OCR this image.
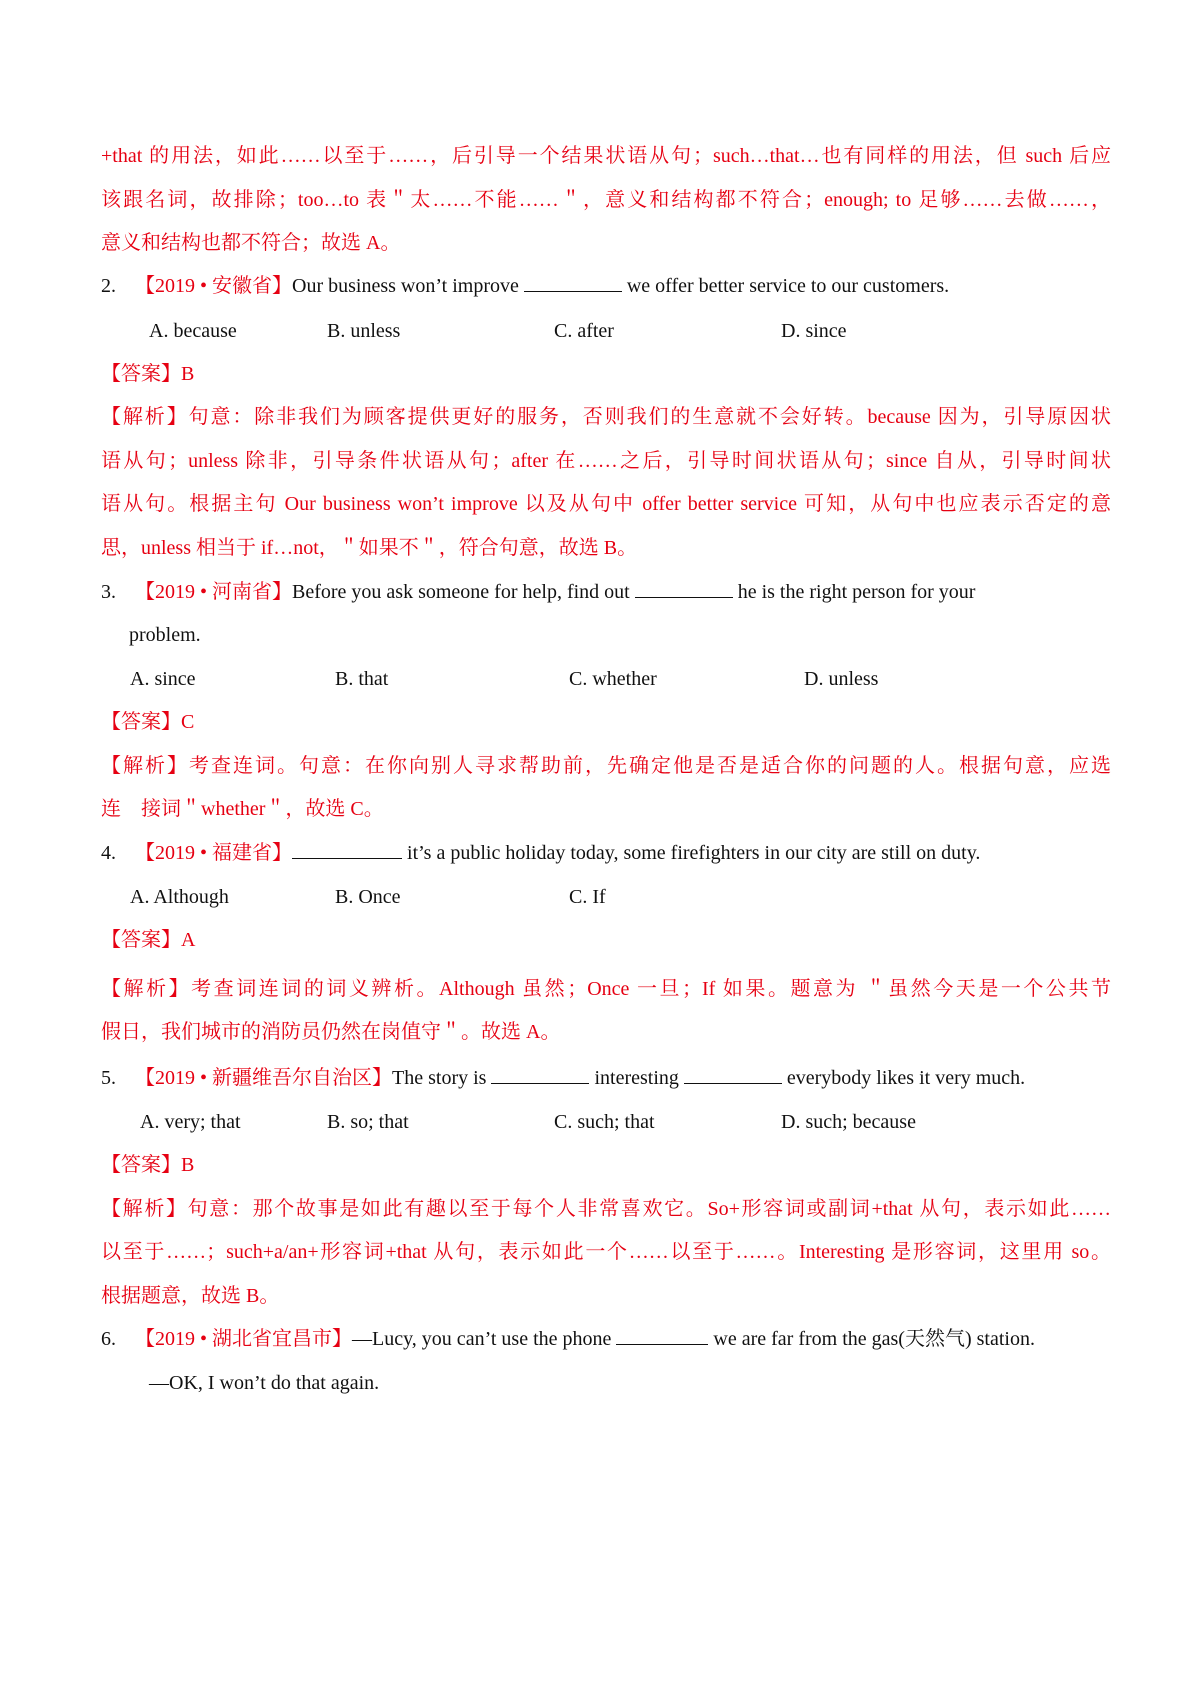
+that 的用法，如此……以至于……，后引导一个结果状语从句；such…that…也有同样的用法，但 such 后应
该跟名词，故排除；too…to 表＂太……不能……＂，意义和结构都不符合；enough; to 足够……去做……，
意义和结构也都不符合；故选 A。
2. 【2019 • 安徽省】Our business won’t improve	we offer better service to our customers.
A. because	B. unless	C. after	D. since
【答案】B
【解析】句意：除非我们为顾客提供更好的服务，否则我们的生意就不会好转。because 因为，引导原因状
语从句；unless 除非，引导条件状语从句；after 在……之后，引导时间状语从句；since 自从，引导时间状
语从句。根据主句 Our business won’t improve 以及从句中 offer better service 可知，从句中也应表示否定的意
思，unless 相当于 if…not，＂如果不＂，符合句意，故选 B。
3. 【2019 • 河南省】Before you ask someone for help, find out	he is the right person for your
problem.
A. since	B. that	C. whether	D. unless
【答案】C
【解析】考查连词。句意：在你向别人寻求帮助前，先确定他是否是适合你的问题的人。根据句意，应选
连　接词＂whether＂，故选 C。
4. 【2019 • 福建省】	it’s a public holiday today, some firefighters in our city are still on duty.
A. Although	B. Once	C. If
【答案】A
【解析】考查词连词的词义辨析。Although 虽然；Once 一旦；If 如果。题意为 ＂虽然今天是一个公共节
假日，我们城市的消防员仍然在岗值守＂。故选 A。
5. 【2019 • 新疆维吾尔自治区】The story is	interesting	everybody likes it very much.
A. very; that	B. so; that	C. such; that	D. such; because
【答案】B
【解析】句意：那个故事是如此有趣以至于每个人非常喜欢它。So+形容词或副词+that 从句，表示如此……
以至于……；such+a/an+形容词+that 从句，表示如此一个……以至于……。Interesting 是形容词，这里用 so。
根据题意，故选 B。
6. 【2019 • 湖北省宜昌市】—Lucy, you can’t use the phone	we are far from the gas(天然气) station.
—OK, I won’t do that again.
